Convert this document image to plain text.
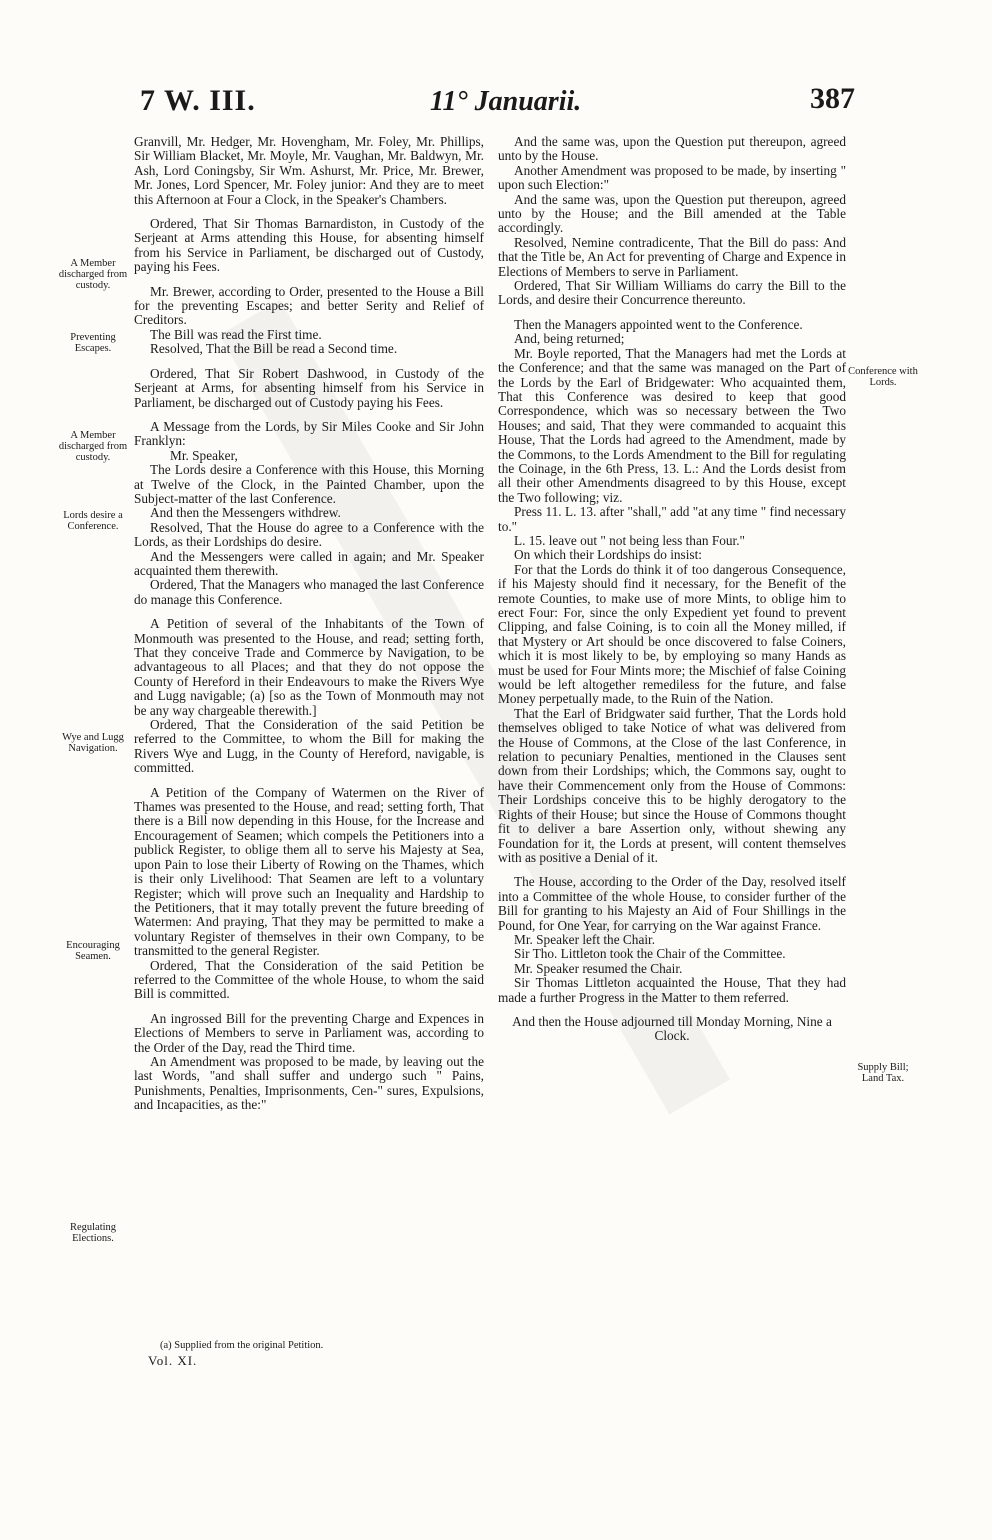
7 W. III.	11° Januarii.	387
A Member discharged from custody.
Preventing Escapes.
A Member discharged from custody.
Lords desire a Conference.
Wye and Lugg Navigation.
Encouraging Seamen.
Regulating Elections.
Conference with Lords.
Supply Bill; Land Tax.

Granvill, Mr. Hedger, Mr. Hovengham, Mr. Foley, Mr. Phillips, Sir William Blacket, Mr. Moyle, Mr. Vaughan, Mr. Baldwyn, Mr. Ash, Lord Coningsby, Sir Wm. Ashurst, Mr. Price, Mr. Brewer, Mr. Jones, Lord Spencer, Mr. Foley junior: And they are to meet this Afternoon at Four a Clock, in the Speaker's Chambers.

Ordered, That Sir Thomas Barnardiston, in Custody of the Serjeant at Arms attending this House, for absenting himself from his Service in Parliament, be discharged out of Custody, paying his Fees.

Mr. Brewer, according to Order, presented to the House a Bill for the preventing Escapes; and better Serity and Relief of Creditors.

The Bill was read the First time.

Resolved, That the Bill be read a Second time.

Ordered, That Sir Robert Dashwood, in Custody of the Serjeant at Arms, for absenting himself from his Service in Parliament, be discharged out of Custody paying his Fees.

A Message from the Lords, by Sir Miles Cooke and Sir John Franklyn:

Mr. Speaker,

The Lords desire a Conference with this House, this Morning at Twelve of the Clock, in the Painted Chamber, upon the Subject-matter of the last Conference.

And then the Messengers withdrew.

Resolved, That the House do agree to a Conference with the Lords, as their Lordships do desire.

And the Messengers were called in again; and Mr. Speaker acquainted them therewith.

Ordered, That the Managers who managed the last Conference do manage this Conference.

A Petition of several of the Inhabitants of the Town of Monmouth was presented to the House, and read; setting forth, That they conceive Trade and Commerce by Navigation, to be advantageous to all Places; and that they do not oppose the County of Hereford in their Endeavours to make the Rivers Wye and Lugg navigable; (a) [so as the Town of Monmouth may not be any way chargeable therewith.]

Ordered, That the Consideration of the said Petition be referred to the Committee, to whom the Bill for making the Rivers Wye and Lugg, in the County of Hereford, navigable, is committed.

A Petition of the Company of Watermen on the River of Thames was presented to the House, and read; setting forth, That there is a Bill now depending in this House, for the Increase and Encouragement of Seamen; which compels the Petitioners into a publick Register, to oblige them all to serve his Majesty at Sea, upon Pain to lose their Liberty of Rowing on the Thames, which is their only Livelihood: That Seamen are left to a voluntary Register; which will prove such an Inequality and Hardship to the Petitioners, that it may totally prevent the future breeding of Watermen: And praying, That they may be permitted to make a voluntary Register of themselves in their own Company, to be transmitted to the general Register.

Ordered, That the Consideration of the said Petition be referred to the Committee of the whole House, to whom the said Bill is committed.

An ingrossed Bill for the preventing Charge and Expences in Elections of Members to serve in Parliament was, according to the Order of the Day, read the Third time.

An Amendment was proposed to be made, by leaving out the last Words, "and shall suffer and undergo such " Pains, Punishments, Penalties, Imprisonments, Cen-" sures, Expulsions, and Incapacities, as the:"

(a) Supplied from the original Petition.
Vol. XI.

And the same was, upon the Question put thereupon, agreed unto by the House.

Another Amendment was proposed to be made, by inserting " upon such Election:"

And the same was, upon the Question put thereupon, agreed unto by the House; and the Bill amended at the Table accordingly.

Resolved, Nemine contradicente, That the Bill do pass: And that the Title be, An Act for preventing of Charge and Expence in Elections of Members to serve in Parliament.

Ordered, That Sir William Williams do carry the Bill to the Lords, and desire their Concurrence thereunto.

Then the Managers appointed went to the Conference.

And, being returned;

Mr. Boyle reported, That the Managers had met the Lords at the Conference; and that the same was managed on the Part of the Lords by the Earl of Bridgewater: Who acquainted them, That this Conference was desired to keep that good Correspondence, which was so necessary between the Two Houses; and said, That they were commanded to acquaint this House, That the Lords had agreed to the Amendment, made by the Commons, to the Lords Amendment to the Bill for regulating the Coinage, in the 6th Press, 13. L.: And the Lords desist from all their other Amendments disagreed to by this House, except the Two following; viz.

Press 11. L. 13. after "shall," add "at any time " find necessary to."

L. 15. leave out " not being less than Four."

On which their Lordships do insist:

For that the Lords do think it of too dangerous Consequence, if his Majesty should find it necessary, for the Benefit of the remote Counties, to make use of more Mints, to oblige him to erect Four: For, since the only Expedient yet found to prevent Clipping, and false Coining, is to coin all the Money milled, if that Mystery or Art should be once discovered to false Coiners, which it is most likely to be, by employing so many Hands as must be used for Four Mints more; the Mischief of false Coining would be left altogether remediless for the future, and false Money perpetually made, to the Ruin of the Nation.

That the Earl of Bridgwater said further, That the Lords hold themselves obliged to take Notice of what was delivered from the House of Commons, at the Close of the last Conference, in relation to pecuniary Penalties, mentioned in the Clauses sent down from their Lordships; which, the Commons say, ought to have their Commencement only from the House of Commons: Their Lordships conceive this to be highly derogatory to the Rights of their House; but since the House of Commons thought fit to deliver a bare Assertion only, without shewing any Foundation for it, the Lords at present, will content themselves with as positive a Denial of it.

The House, according to the Order of the Day, resolved itself into a Committee of the whole House, to consider further of the Bill for granting to his Majesty an Aid of Four Shillings in the Pound, for One Year, for carrying on the War against France.

Mr. Speaker left the Chair.

Sir Tho. Littleton took the Chair of the Committee.

Mr. Speaker resumed the Chair.

Sir Thomas Littleton acquainted the House, That they had made a further Progress in the Matter to them referred.

And then the House adjourned till Monday Morning, Nine a Clock.
